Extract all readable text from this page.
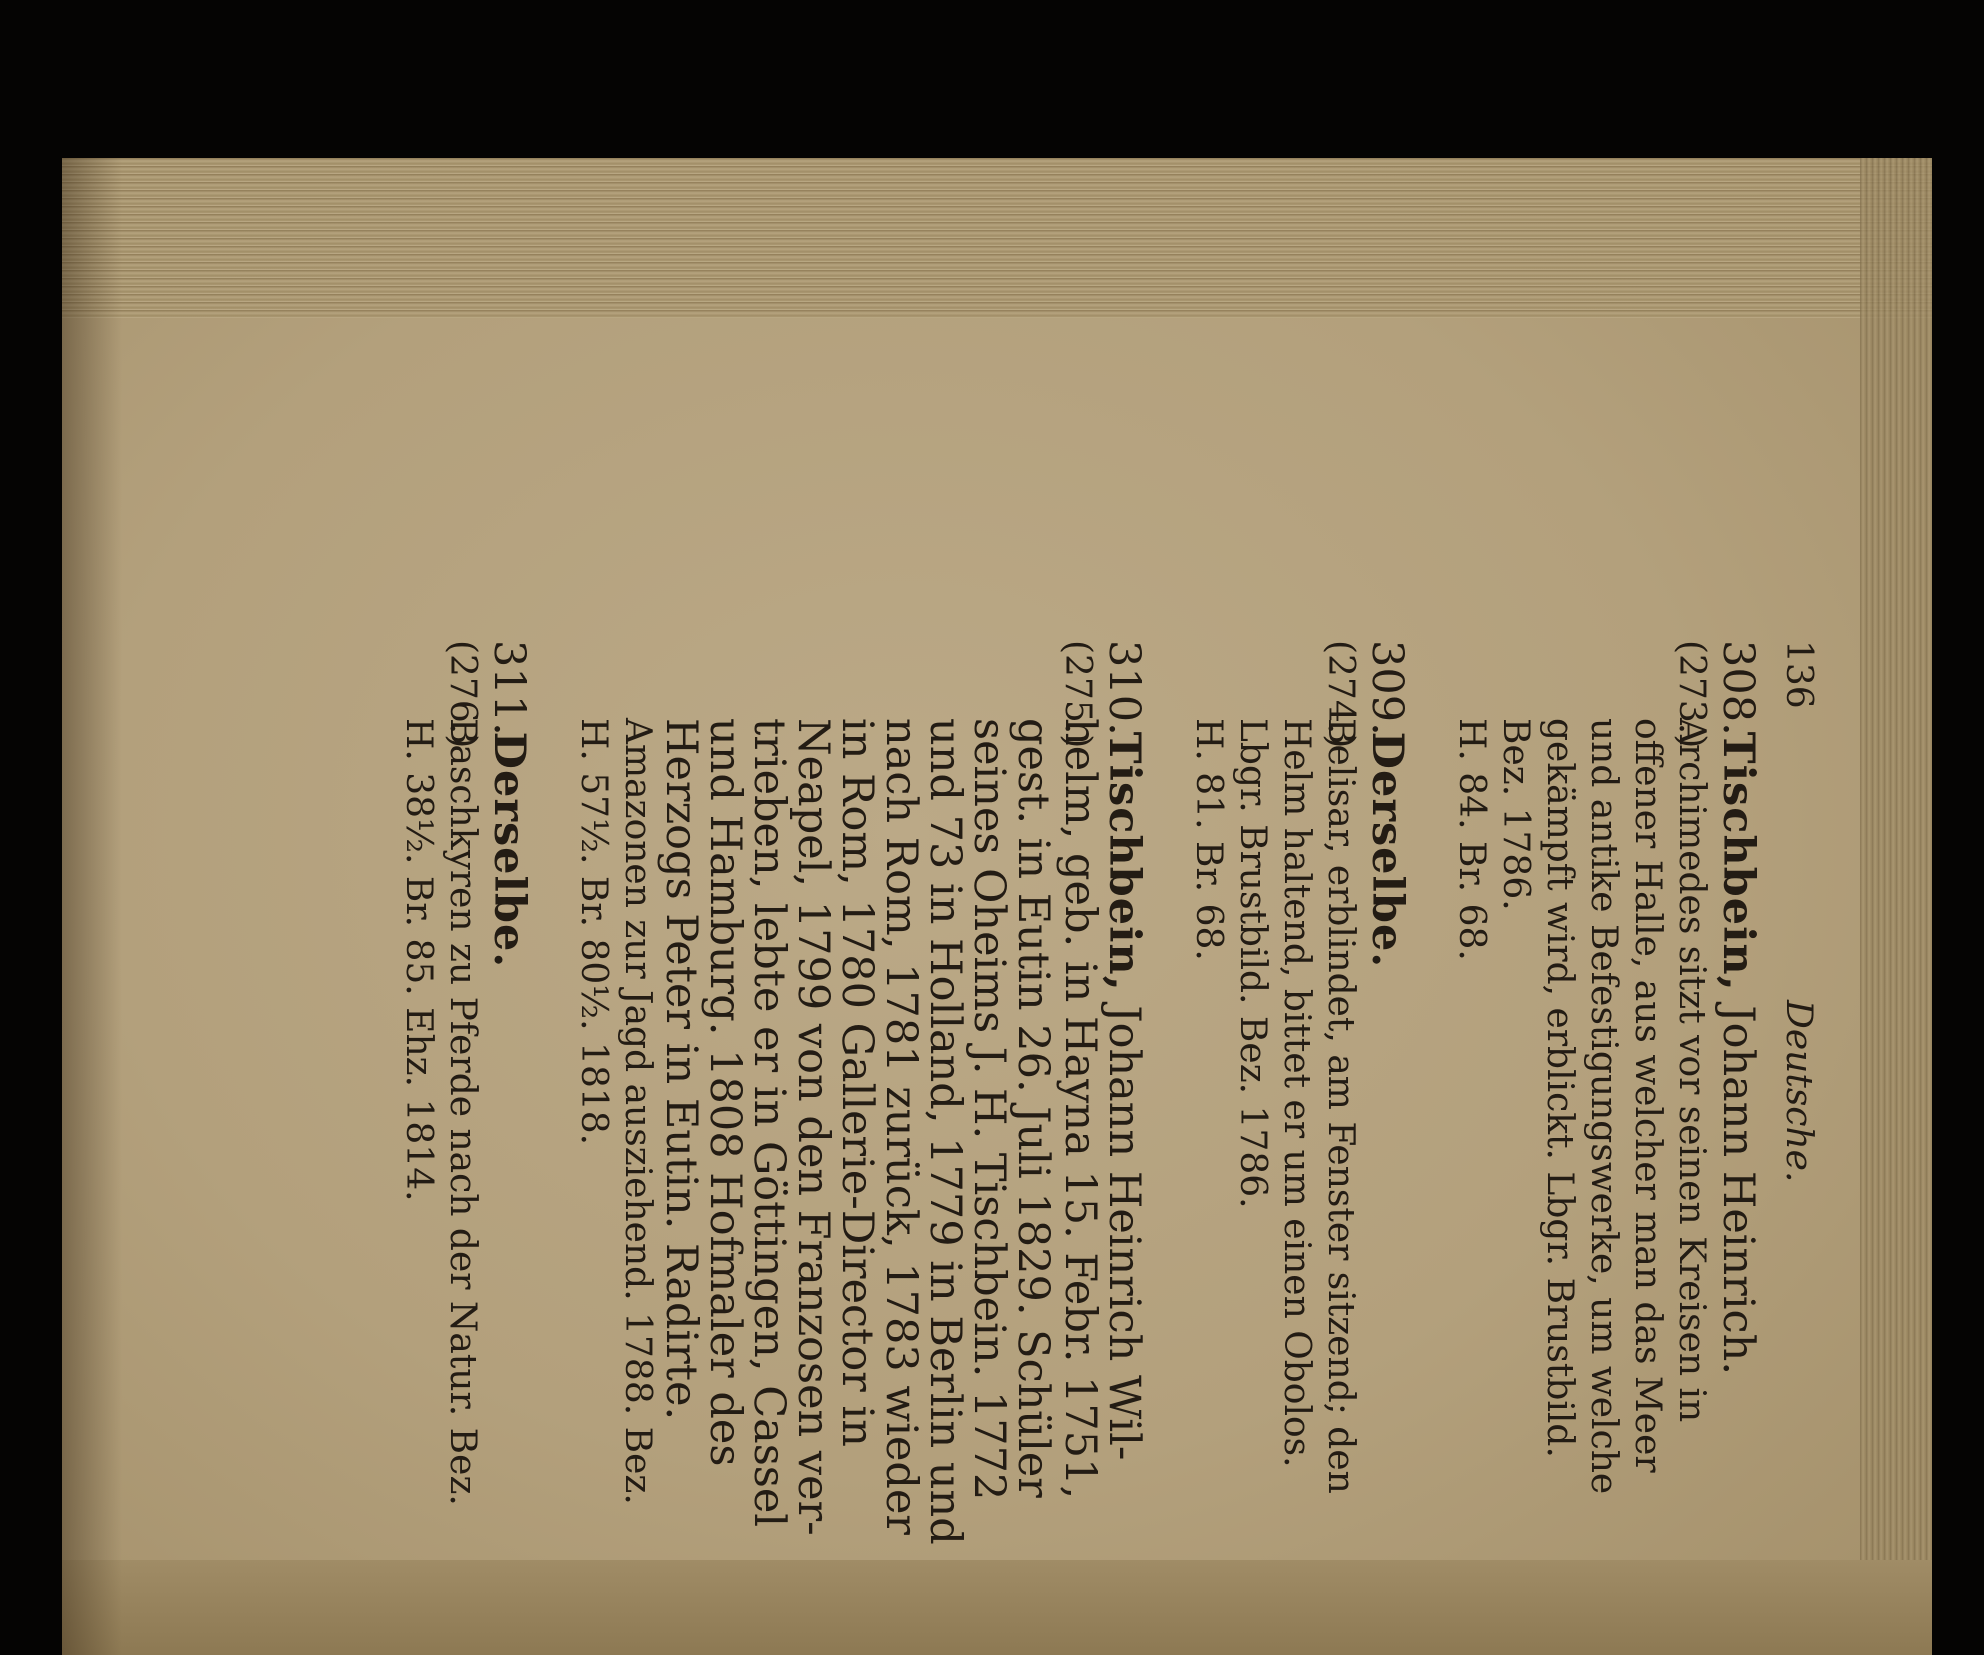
136
Deutsche.
308. Tischbein, Johann Heinrich.
(273.)Archimedes sitzt vor seinen Kreisen in
offener Halle, aus welcher man das Meer
und antike Befestigungswerke, um welche
gekämpft wird, erblickt. Lbgr. Brustbild.
Bez. 1786.
H. 84. Br. 68.
309. Derselbe.
(274.)Belisar, erblindet, am Fenster sitzend; den
Helm haltend, bittet er um einen Obolos.
Lbgr. Brustbild. Bez. 1786.
H. 81. Br. 68.
310. Tischbein, Johann Heinrich Wil-
(275.)helm, geb. in Hayna 15. Febr. 1751,
gest. in Eutin 26. Juli 1829. Schüler
seines Oheims J. H. Tischbein. 1772
und 73 in Holland, 1779 in Berlin und
nach Rom, 1781 zurück, 1783 wieder
in Rom, 1780 Gallerie-Director in
Neapel, 1799 von den Franzosen ver-
trieben, lebte er in Göttingen, Cassel
und Hamburg. 1808 Hofmaler des
Herzogs Peter in Eutin. Radirte.
Amazonen zur Jagd ausziehend. 1788. Bez.
H. 57½. Br. 80½. 1818.
311. Derselbe.
(276.)Baschkyren zu Pferde nach der Natur. Bez.
H. 38½. Br. 85. Ehz. 1814.
